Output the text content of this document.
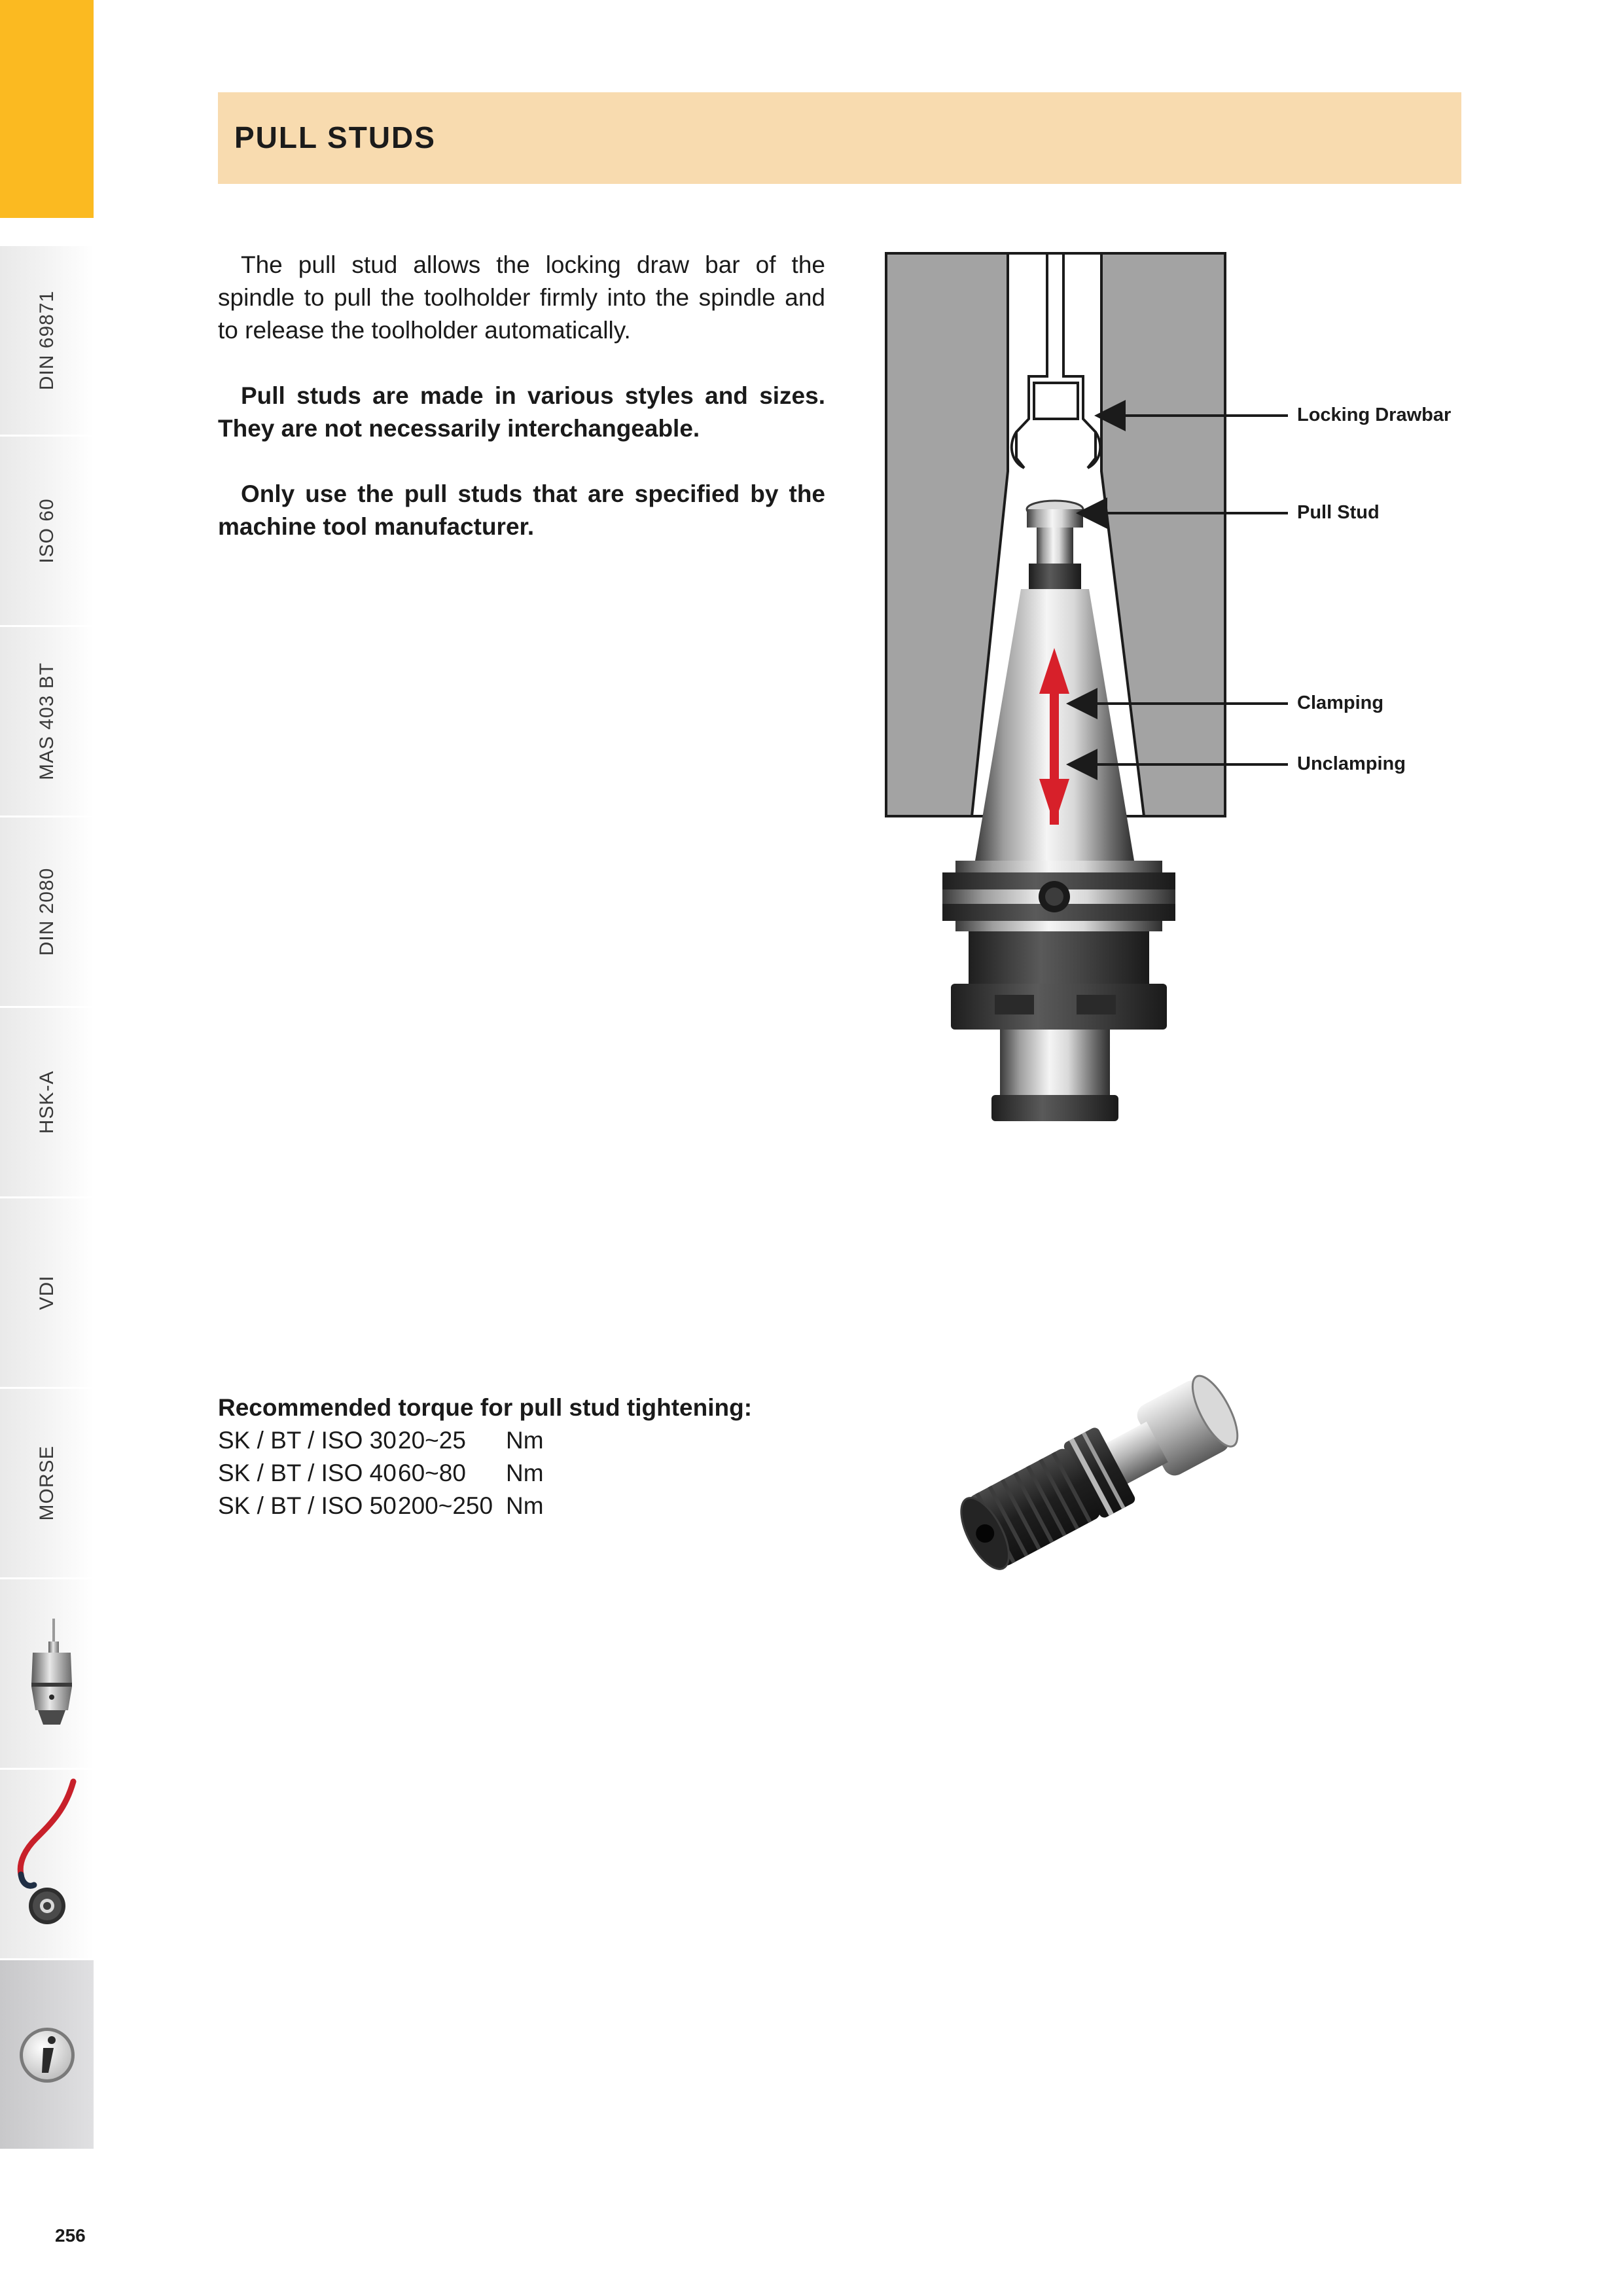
DIN 69871
ISO 60
MAS 403 BT
DIN 2080
HSK-A
VDI
MORSE
PULL STUDS

The pull stud allows the locking draw bar of the spindle to pull the toolholder firmly into the spindle and to release the toolholder automatically.

Pull studs are made in various styles and sizes. They are not necessarily interchangeable.

Only use the pull studs that are specified by the machine tool manufacturer.

Locking Drawbar
Pull Stud
Clamping
Unclamping
Recommended torque for pull stud tightening:
SK / BT / ISO 3020~25 Nm
SK / BT / ISO 4060~80 Nm
SK / BT / ISO 50200~250 Nm
256
